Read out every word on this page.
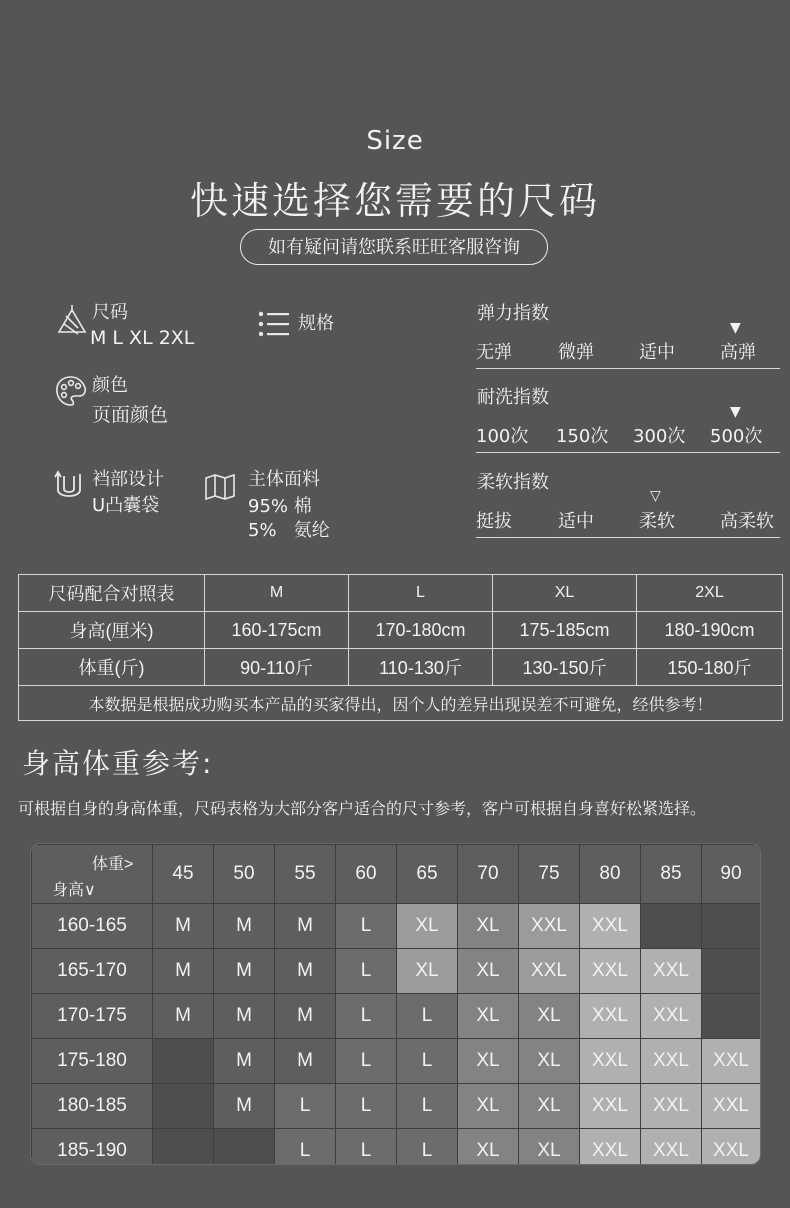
Size
快速选择您需要的尺码
如有疑问请您联系旺旺客服咨询
尺码
M L XL 2XL
规格
颜色
页面颜色
裆部设计
U凸囊袋
主体面料
95% 棉
5%   氨纶
弹力指数
▼
无弹	微弹	适中	高弹
耐洗指数
▼
100次 150次 300次 500次
柔软指数
▽
挺拔	适中	柔软	高柔软
尺码配合对照表	M	L	XL	2XL
身高(厘米)	160-175cm	170-180cm	175-185cm	180-190cm
体重(斤)	90-110斤	110-130斤	130-150斤	150-180斤
本数据是根据成功购买本产品的买家得出，因个人的差异出现误差不可避免，经供参考！				
身高体重参考:
可根据自身的身高体重，尺码表格为大部分客户适合的尺寸参考，客户可根据自身喜好松紧选择。
体重>
身高∨	45	50	55	60	65	70	75	80	85	90
160-165	M	M	M	L	XL	XL	XXL	XXL		
165-170	M	M	M	L	XL	XL	XXL	XXL	XXL	
170-175	M	M	M	L	L	XL	XL	XXL	XXL	
175-180		M	M	L	L	XL	XL	XXL	XXL	XXL
180-185		M	L	L	L	XL	XL	XXL	XXL	XXL
185-190			L	L	L	XL	XL	XXL	XXL	XXL
